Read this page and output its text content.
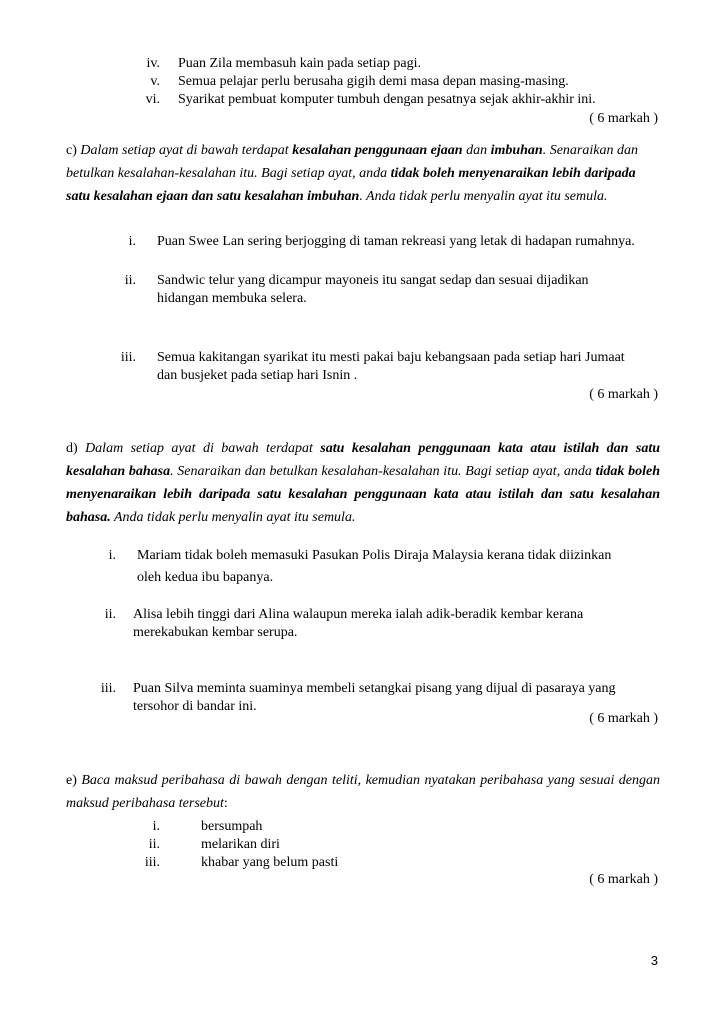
iv. Puan Zila membasuh kain pada setiap pagi.
v. Semua pelajar perlu berusaha gigih demi masa depan masing-masing.
vi. Syarikat pembuat komputer tumbuh dengan pesatnya sejak akhir-akhir ini.
( 6 markah )
c) Dalam setiap ayat di bawah terdapat kesalahan penggunaan ejaan dan imbuhan. Senaraikan dan betulkan kesalahan-kesalahan itu. Bagi setiap ayat, anda tidak boleh menyenaraikan lebih daripada satu kesalahan ejaan dan satu kesalahan imbuhan. Anda tidak perlu menyalin ayat itu semula.
i. Puan Swee Lan sering berjogging di taman rekreasi yang letak di hadapan rumahnya.
ii. Sandwic telur yang dicampur mayoneis itu sangat sedap dan sesuai dijadikan
hidangan membuka selera.
iii. Semua kakitangan syarikat itu mesti pakai baju kebangsaan pada setiap hari Jumaat
dan busjeket pada setiap hari Isnin .
( 6 markah )
d) Dalam setiap ayat di bawah terdapat satu kesalahan penggunaan kata atau istilah dan satu kesalahan bahasa. Senaraikan dan betulkan kesalahan-kesalahan itu. Bagi setiap ayat, anda tidak boleh menyenaraikan lebih daripada satu kesalahan penggunaan kata atau istilah dan satu kesalahan bahasa. Anda tidak perlu menyalin ayat itu semula.
i. Mariam tidak boleh memasuki Pasukan Polis Diraja Malaysia kerana tidak diizinkan
oleh kedua ibu bapanya.
ii. Alisa lebih tinggi dari Alina walaupun mereka ialah adik-beradik kembar kerana
merekabukan kembar serupa.
iii. Puan Silva meminta suaminya membeli setangkai pisang yang dijual di pasaraya yang
tersohor di bandar ini.
( 6 markah )
e) Baca maksud peribahasa di bawah dengan teliti, kemudian nyatakan peribahasa yang sesuai dengan maksud peribahasa tersebut:
i.	bersumpah
ii.	melarikan diri
iii.	khabar yang belum pasti
( 6 markah )
3
